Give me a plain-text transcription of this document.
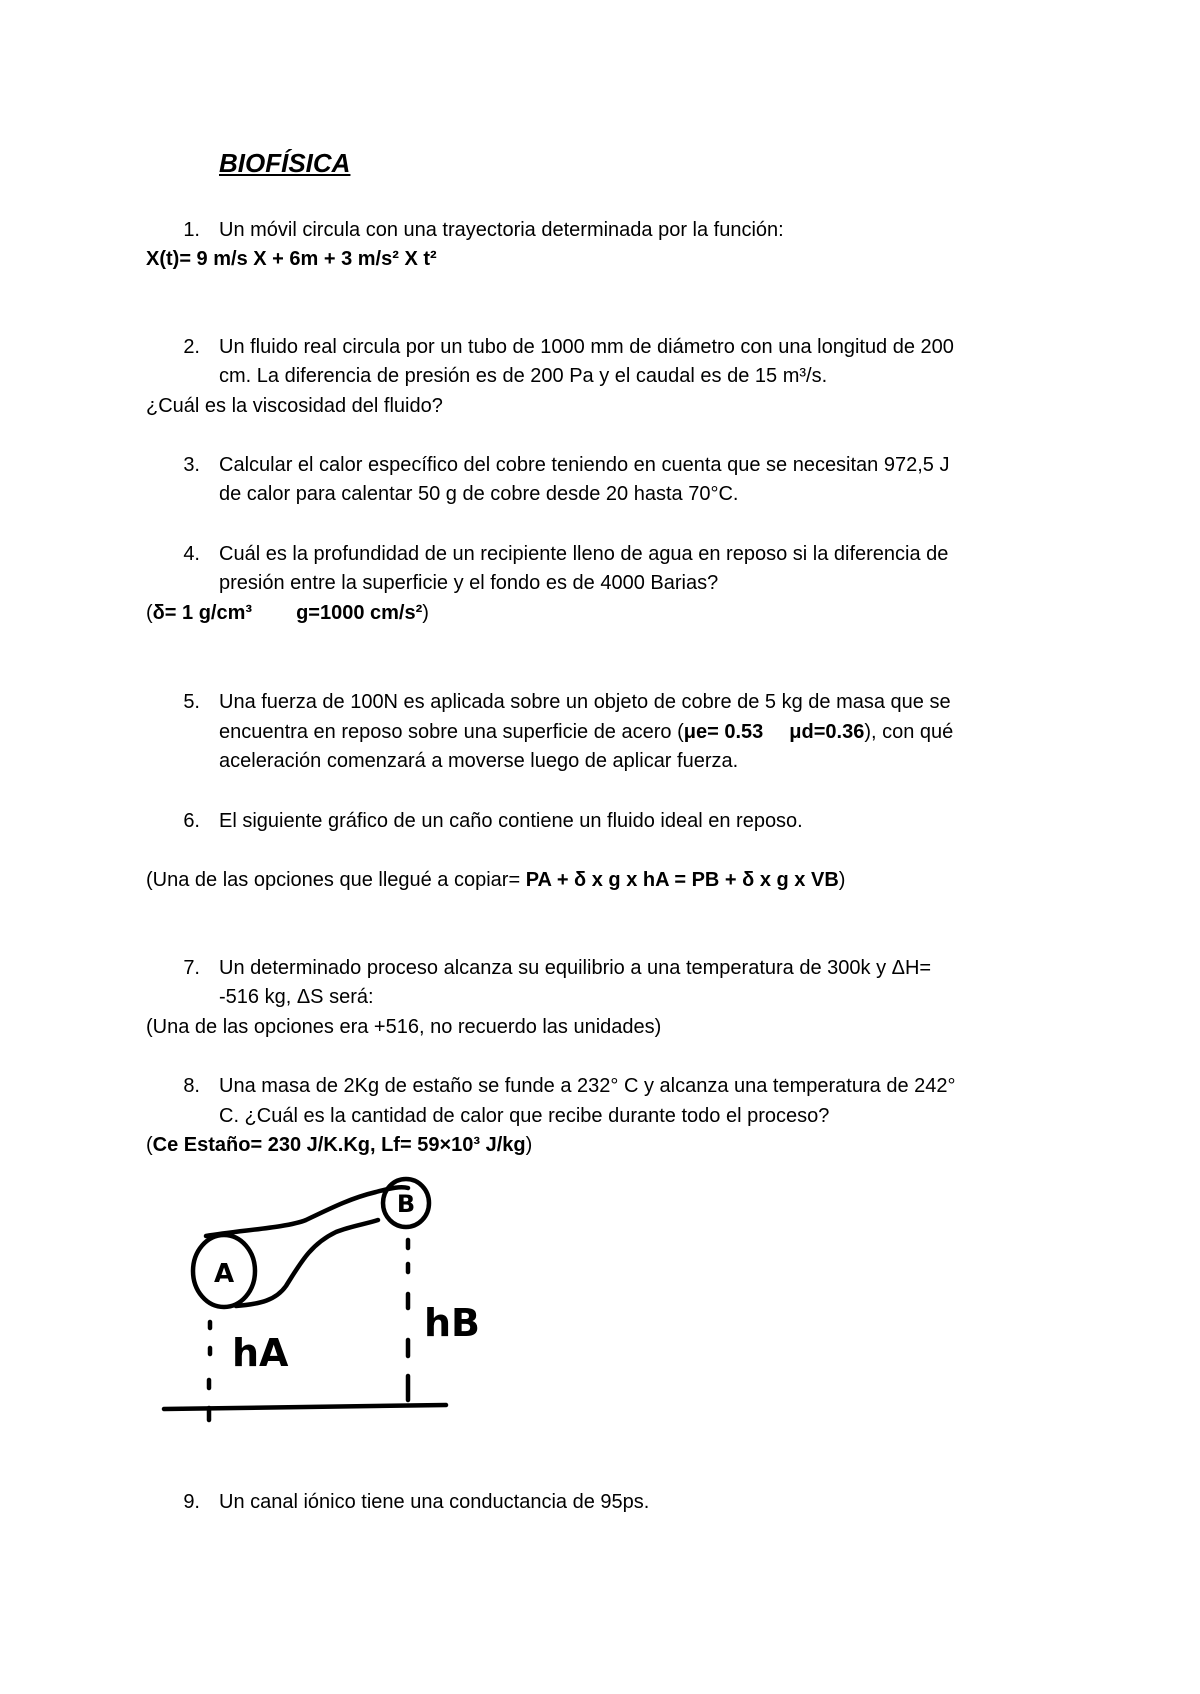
BIOFÍSICA
1. Un móvil circula con una trayectoria determinada por la función:
X(t)= 9 m/s X + 6m + 3 m/s² X t²
2. Un fluido real circula por un tubo de 1000 mm de diámetro con una longitud de 200
cm. La diferencia de presión es de 200 Pa y el caudal es de 15 m³/s.
¿Cuál es la viscosidad del fluido?
3. Calcular el calor específico del cobre teniendo en cuenta que se necesitan 972,5 J
de calor para calentar 50 g de cobre desde 20 hasta 70°C.
4. Cuál es la profundidad de un recipiente lleno de agua en reposo si la diferencia de
presión entre la superficie y el fondo es de 4000 Barias?
(δ= 1 g/cm³ g=1000 cm/s²)
5. Una fuerza de 100N es aplicada sobre un objeto de cobre de 5 kg de masa que se
encuentra en reposo sobre una superficie de acero (μe= 0.53 μd=0.36), con qué
aceleración comenzará a moverse luego de aplicar fuerza.
6. El siguiente gráfico de un caño contiene un fluido ideal en reposo.
(Una de las opciones que llegué a copiar= PA + δ x g x hA = PB + δ x g x VB)
7. Un determinado proceso alcanza su equilibrio a una temperatura de 300k y ΔH=
-516 kg, ΔS será:
(Una de las opciones era +516, no recuerdo las unidades)
8. Una masa de 2Kg de estaño se funde a 232° C y alcanza una temperatura de 242°
C. ¿Cuál es la cantidad de calor que recibe durante todo el proceso?
(Ce Estaño= 230 J/K.Kg, Lf= 59×10³ J/kg)
A
B
hA
hB
9. Un canal iónico tiene una conductancia de 95ps.
